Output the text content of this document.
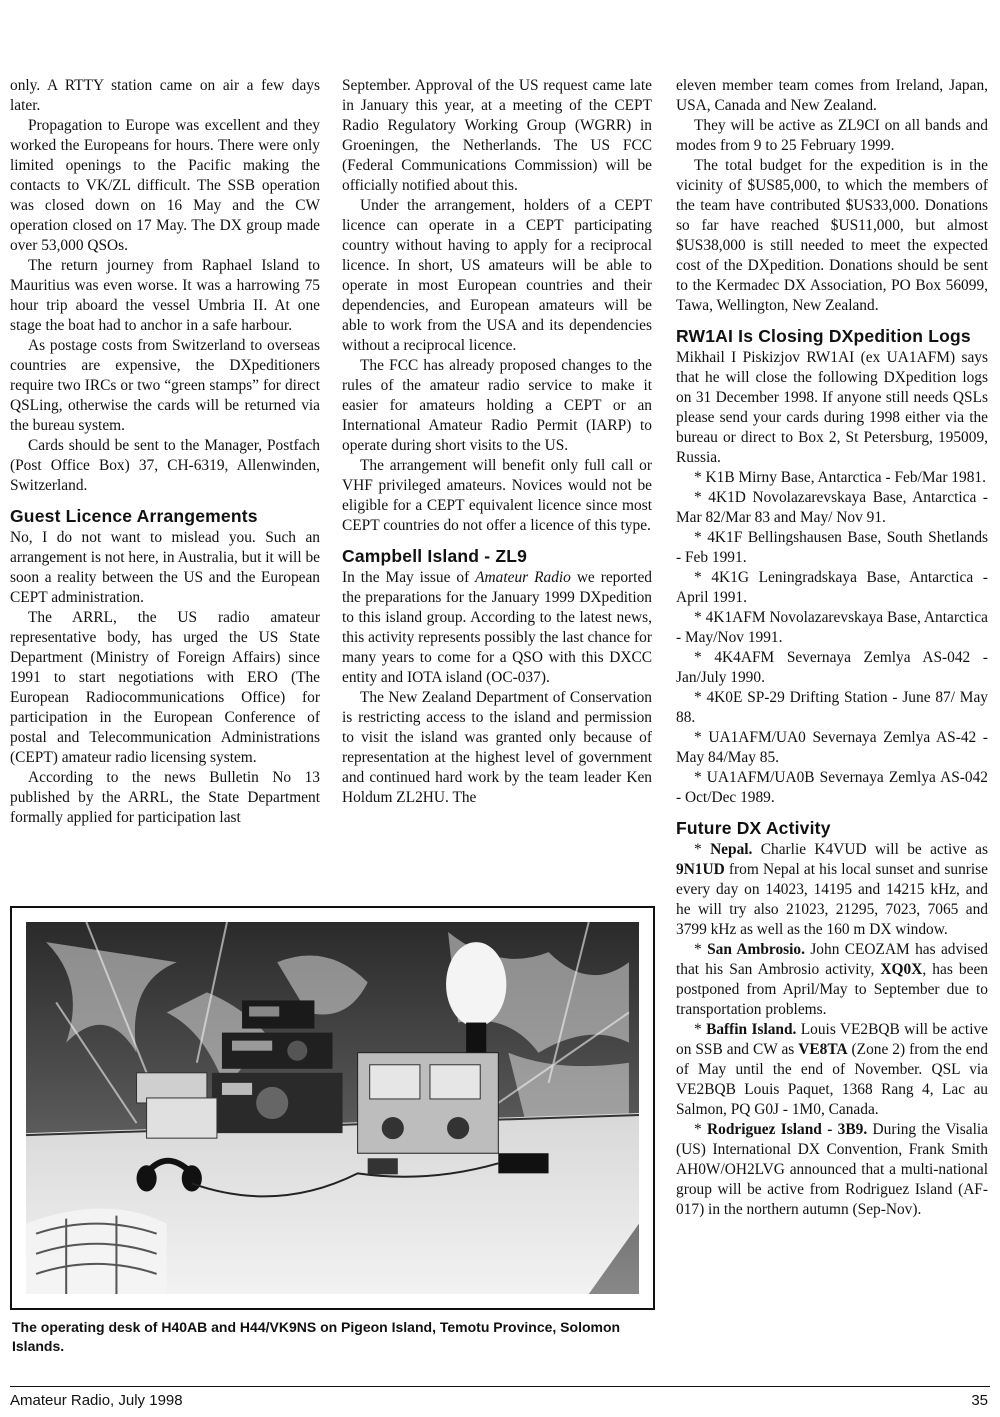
only. A RTTY station came on air a few days later.

Propagation to Europe was excellent and they worked the Europeans for hours. There were only limited openings to the Pacific making the contacts to VK/ZL difficult. The SSB operation was closed down on 16 May and the CW operation closed on 17 May. The DX group made over 53,000 QSOs.

The return journey from Raphael Island to Mauritius was even worse. It was a harrowing 75 hour trip aboard the vessel Umbria II. At one stage the boat had to anchor in a safe harbour.

As postage costs from Switzerland to overseas countries are expensive, the DXpeditioners require two IRCs or two “green stamps” for direct QSLing, otherwise the cards will be returned via the bureau system.

Cards should be sent to the Manager, Postfach (Post Office Box) 37, CH-6319, Allenwinden, Switzerland.

Guest Licence Arrangements

No, I do not want to mislead you. Such an arrangement is not here, in Australia, but it will be soon a reality between the US and the European CEPT administration.

The ARRL, the US radio amateur representative body, has urged the US State Department (Ministry of Foreign Affairs) since 1991 to start negotiations with ERO (The European Radiocommunications Office) for participation in the European Conference of postal and Telecommunication Administrations (CEPT) amateur radio licensing system.

According to the news Bulletin No 13 published by the ARRL, the State Department formally applied for participation last

September. Approval of the US request came late in January this year, at a meeting of the CEPT Radio Regulatory Working Group (WGRR) in Groeningen, the Netherlands. The US FCC (Federal Communications Commission) will be officially notified about this.

Under the arrangement, holders of a CEPT licence can operate in a CEPT participating country without having to apply for a reciprocal licence. In short, US amateurs will be able to operate in most European countries and their dependencies, and European amateurs will be able to work from the USA and its dependencies without a reciprocal licence.

The FCC has already proposed changes to the rules of the amateur radio service to make it easier for amateurs holding a CEPT or an International Amateur Radio Permit (IARP) to operate during short visits to the US.

The arrangement will benefit only full call or VHF privileged amateurs. Novices would not be eligible for a CEPT equivalent licence since most CEPT countries do not offer a licence of this type.

Campbell Island - ZL9

In the May issue of Amateur Radio we reported the preparations for the January 1999 DXpedition to this island group. According to the latest news, this activity represents possibly the last chance for many years to come for a QSO with this DXCC entity and IOTA island (OC-037).

The New Zealand Department of Conservation is restricting access to the island and permission to visit the island was granted only because of representation at the highest level of government and continued hard work by the team leader Ken Holdum ZL2HU. The

eleven member team comes from Ireland, Japan, USA, Canada and New Zealand.

They will be active as ZL9CI on all bands and modes from 9 to 25 February 1999.

The total budget for the expedition is in the vicinity of $US85,000, to which the members of the team have contributed $US33,000. Donations so far have reached $US11,000, but almost $US38,000 is still needed to meet the expected cost of the DXpedition. Donations should be sent to the Kermadec DX Association, PO Box 56099, Tawa, Wellington, New Zealand.

RW1AI Is Closing DXpedition Logs

Mikhail I Piskizjov RW1AI (ex UA1AFM) says that he will close the following DXpedition logs on 31 December 1998. If anyone still needs QSLs please send your cards during 1998 either via the bureau or direct to Box 2, St Petersburg, 195009, Russia.

* K1B Mirny Base, Antarctica - Feb/Mar 1981.

* 4K1D Novolazarevskaya Base, Antarctica - Mar 82/Mar 83 and May/ Nov 91.

* 4K1F Bellingshausen Base, South Shetlands - Feb 1991.

* 4K1G Leningradskaya Base, Antarctica - April 1991.

* 4K1AFM Novolazarevskaya Base, Antarctica - May/Nov 1991.

* 4K4AFM Severnaya Zemlya AS-042 - Jan/July 1990.

* 4K0E SP-29 Drifting Station - June 87/ May 88.

* UA1AFM/UA0 Severnaya Zemlya AS-42 - May 84/May 85.

* UA1AFM/UA0B Severnaya Zemlya AS-042 - Oct/Dec 1989.

Future DX Activity

* Nepal. Charlie K4VUD will be active as 9N1UD from Nepal at his local sunset and sunrise every day on 14023, 14195 and 14215 kHz, and he will try also 21023, 21295, 7023, 7065 and 3799 kHz as well as the 160 m DX window.

* San Ambrosio. John CEOZAM has advised that his San Ambrosio activity, XQ0X, has been postponed from April/May to September due to transportation problems.

* Baffin Island. Louis VE2BQB will be active on SSB and CW as VE8TA (Zone 2) from the end of May until the end of November. QSL via VE2BQB Louis Paquet, 1368 Rang 4, Lac au Salmon, PQ G0J - 1M0, Canada.

* Rodriguez Island - 3B9. During the Visalia (US) International DX Convention, Frank Smith AH0W/OH2LVG announced that a multi-national group will be active from Rodriguez Island (AF-017) in the northern autumn (Sep-Nov).

The operating desk of H40AB and H44/VK9NS on Pigeon Island, Temotu Province, Solomon Islands.
Amateur Radio, July 1998	35
